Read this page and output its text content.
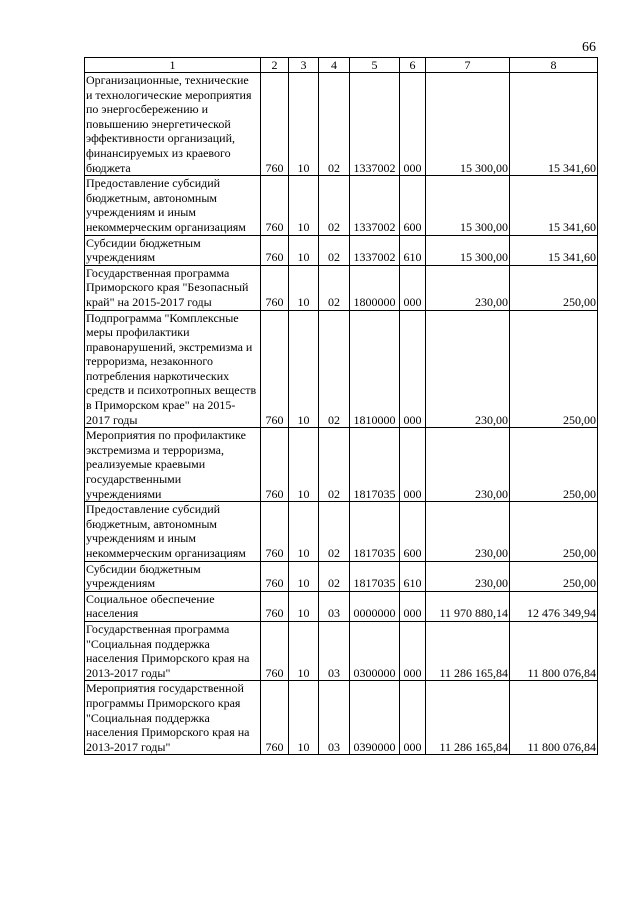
66
1	2	3	4	5	6	7	8
Организационные, технические и технологические мероприятия по энергосбережению и повышению энергетической эффективности организаций, финансируемых из краевого бюджета	760	10	02	1337002	000	15 300,00	15 341,60
Предоставление субсидий бюджетным, автономным учреждениям и иным некоммерческим организациям	760	10	02	1337002	600	15 300,00	15 341,60
Субсидии бюджетным учреждениям	760	10	02	1337002	610	15 300,00	15 341,60
Государственная программа Приморского края "Безопасный край" на 2015-2017 годы	760	10	02	1800000	000	230,00	250,00
Подпрограмма "Комплексные меры профилактики правонарушений, экстремизма и терроризма, незаконного потребления наркотических средств и психотропных веществ в Приморском крае" на 2015-2017 годы	760	10	02	1810000	000	230,00	250,00
Мероприятия по профилактике экстремизма и терроризма, реализуемые краевыми государственными учреждениями	760	10	02	1817035	000	230,00	250,00
Предоставление субсидий бюджетным, автономным учреждениям и иным некоммерческим организациям	760	10	02	1817035	600	230,00	250,00
Субсидии бюджетным учреждениям	760	10	02	1817035	610	230,00	250,00
Социальное обеспечение населения	760	10	03	0000000	000	11 970 880,14	12 476 349,94
Государственная программа "Социальная поддержка населения Приморского края на 2013-2017 годы"	760	10	03	0300000	000	11 286 165,84	11 800 076,84
Мероприятия государственной программы Приморского края "Социальная поддержка населения Приморского края на 2013-2017 годы"	760	10	03	0390000	000	11 286 165,84	11 800 076,84
